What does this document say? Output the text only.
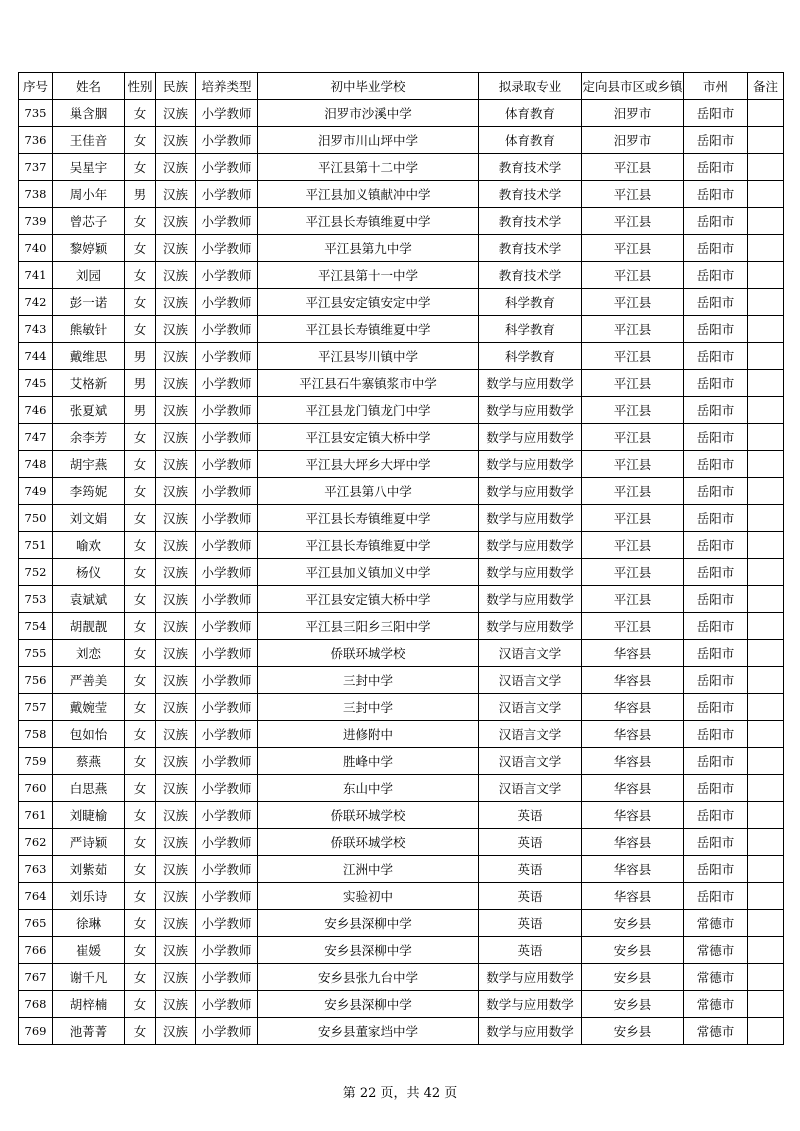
序号	姓名	性别	民族	培养类型	初中毕业学校	拟录取专业	定向县市区或乡镇	市州	备注
735	巢含胭	女	汉族	小学教师	汨罗市沙溪中学	体育教育	汨罗市	岳阳市	
736	王佳音	女	汉族	小学教师	汨罗市川山坪中学	体育教育	汨罗市	岳阳市	
737	吴星宇	女	汉族	小学教师	平江县第十二中学	教育技术学	平江县	岳阳市	
738	周小年	男	汉族	小学教师	平江县加义镇献冲中学	教育技术学	平江县	岳阳市	
739	曾芯子	女	汉族	小学教师	平江县长寿镇维夏中学	教育技术学	平江县	岳阳市	
740	黎婷颖	女	汉族	小学教师	平江县第九中学	教育技术学	平江县	岳阳市	
741	刘园	女	汉族	小学教师	平江县第十一中学	教育技术学	平江县	岳阳市	
742	彭一诺	女	汉族	小学教师	平江县安定镇安定中学	科学教育	平江县	岳阳市	
743	熊敏针	女	汉族	小学教师	平江县长寿镇维夏中学	科学教育	平江县	岳阳市	
744	戴维思	男	汉族	小学教师	平江县岑川镇中学	科学教育	平江县	岳阳市	
745	艾格新	男	汉族	小学教师	平江县石牛寨镇浆市中学	数学与应用数学	平江县	岳阳市	
746	张夏斌	男	汉族	小学教师	平江县龙门镇龙门中学	数学与应用数学	平江县	岳阳市	
747	余李芳	女	汉族	小学教师	平江县安定镇大桥中学	数学与应用数学	平江县	岳阳市	
748	胡宇燕	女	汉族	小学教师	平江县大坪乡大坪中学	数学与应用数学	平江县	岳阳市	
749	李筠妮	女	汉族	小学教师	平江县第八中学	数学与应用数学	平江县	岳阳市	
750	刘文娟	女	汉族	小学教师	平江县长寿镇维夏中学	数学与应用数学	平江县	岳阳市	
751	喻欢	女	汉族	小学教师	平江县长寿镇维夏中学	数学与应用数学	平江县	岳阳市	
752	杨仪	女	汉族	小学教师	平江县加义镇加义中学	数学与应用数学	平江县	岳阳市	
753	袁斌斌	女	汉族	小学教师	平江县安定镇大桥中学	数学与应用数学	平江县	岳阳市	
754	胡靓靓	女	汉族	小学教师	平江县三阳乡三阳中学	数学与应用数学	平江县	岳阳市	
755	刘恋	女	汉族	小学教师	侨联环城学校	汉语言文学	华容县	岳阳市	
756	严善美	女	汉族	小学教师	三封中学	汉语言文学	华容县	岳阳市	
757	戴婉莹	女	汉族	小学教师	三封中学	汉语言文学	华容县	岳阳市	
758	包如怡	女	汉族	小学教师	进修附中	汉语言文学	华容县	岳阳市	
759	蔡燕	女	汉族	小学教师	胜峰中学	汉语言文学	华容县	岳阳市	
760	白思燕	女	汉族	小学教师	东山中学	汉语言文学	华容县	岳阳市	
761	刘睫榆	女	汉族	小学教师	侨联环城学校	英语	华容县	岳阳市	
762	严诗颖	女	汉族	小学教师	侨联环城学校	英语	华容县	岳阳市	
763	刘紫茹	女	汉族	小学教师	江洲中学	英语	华容县	岳阳市	
764	刘乐诗	女	汉族	小学教师	实验初中	英语	华容县	岳阳市	
765	徐琳	女	汉族	小学教师	安乡县深柳中学	英语	安乡县	常德市	
766	崔媛	女	汉族	小学教师	安乡县深柳中学	英语	安乡县	常德市	
767	谢千凡	女	汉族	小学教师	安乡县张九台中学	数学与应用数学	安乡县	常德市	
768	胡梓楠	女	汉族	小学教师	安乡县深柳中学	数学与应用数学	安乡县	常德市	
769	池菁菁	女	汉族	小学教师	安乡县董家垱中学	数学与应用数学	安乡县	常德市	
第 22 页，共 42 页
